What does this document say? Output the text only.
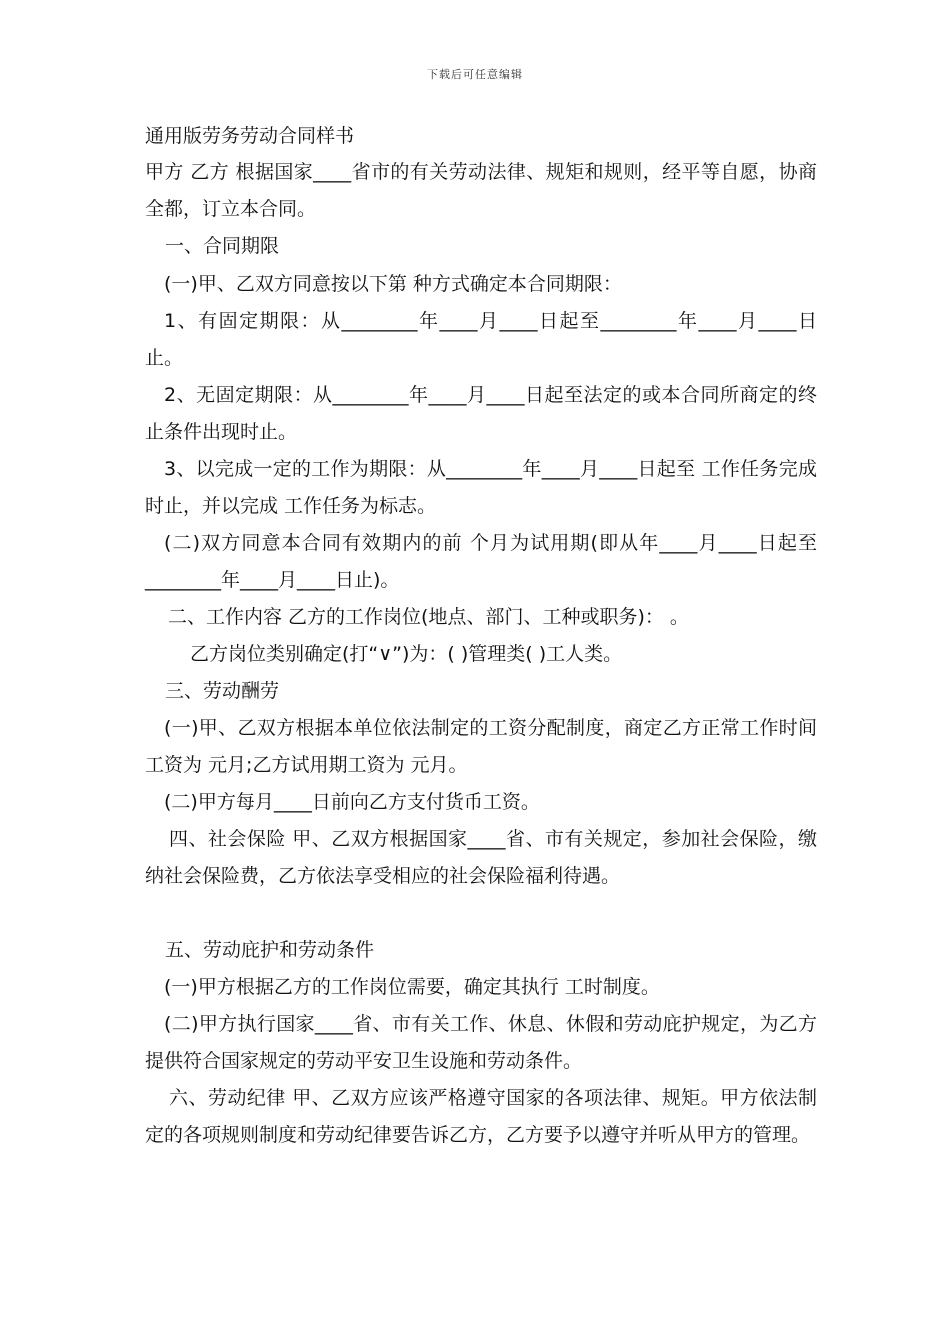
下载后可任意编辑
通用版劳务劳动合同样书

甲方 乙方 根据国家____省市的有关劳动法律、规矩和规则，经平等自愿，协商全都，订立本合同。

一、合同期限

(一)甲、乙双方同意按以下第 种方式确定本合同期限：

1、有固定期限：从________年____月____日起至________年____月____日止。

2、无固定期限：从________年____月____日起至法定的或本合同所商定的终止条件出现时止。

3、以完成一定的工作为期限：从________年____月____日起至 工作任务完成时止，并以完成 工作任务为标志。

(二)双方同意本合同有效期内的前 个月为试用期(即从年____月____日起至________年____月____日止)。

二、工作内容 乙方的工作岗位(地点、部门、工种或职务)： 。

乙方岗位类别确定(打“∨”)为：( )管理类( )工人类。

三、劳动酬劳

(一)甲、乙双方根据本单位依法制定的工资分配制度，商定乙方正常工作时间工资为 元月;乙方试用期工资为 元月。

(二)甲方每月____日前向乙方支付货币工资。

四、社会保险 甲、乙双方根据国家____省、市有关规定，参加社会保险，缴纳社会保险费，乙方依法享受相应的社会保险福利待遇。

五、劳动庇护和劳动条件

(一)甲方根据乙方的工作岗位需要，确定其执行 工时制度。

(二)甲方执行国家____省、市有关工作、休息、休假和劳动庇护规定，为乙方提供符合国家规定的劳动平安卫生设施和劳动条件。

六、劳动纪律 甲、乙双方应该严格遵守国家的各项法律、规矩。甲方依法制定的各项规则制度和劳动纪律要告诉乙方，乙方要予以遵守并听从甲方的管理。
